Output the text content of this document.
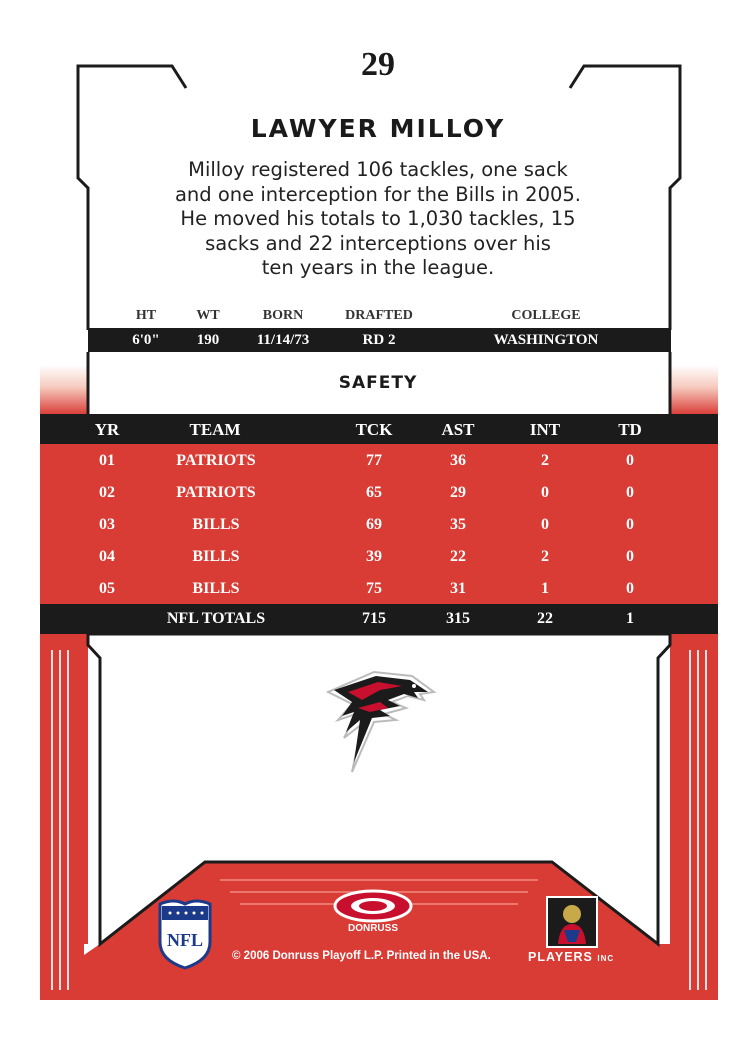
29
LAWYER MILLOY
Milloy registered 106 tackles, one sack
and one interception for the Bills in 2005.
He moved his totals to 1,030 tackles, 15
sacks and 22 interceptions over his
ten years in the league.
HT	WT	BORN	DRAFTED	COLLEGE
6'0"	190	11/14/73	RD 2	WASHINGTON
SAFETY
YR	TEAM	TCK	AST	INT	TD
01	PATRIOTS	77	36	2	0
02	PATRIOTS	65	29	0	0
03	BILLS	69	35	0	0
04	BILLS	39	22	2	0
05	BILLS	75	31	1	0
NFL TOTALS	715	315	22	1
NFL
DONRUSS
© 2006 Donruss Playoff L.P. Printed in the USA.	PLAYERS INC
